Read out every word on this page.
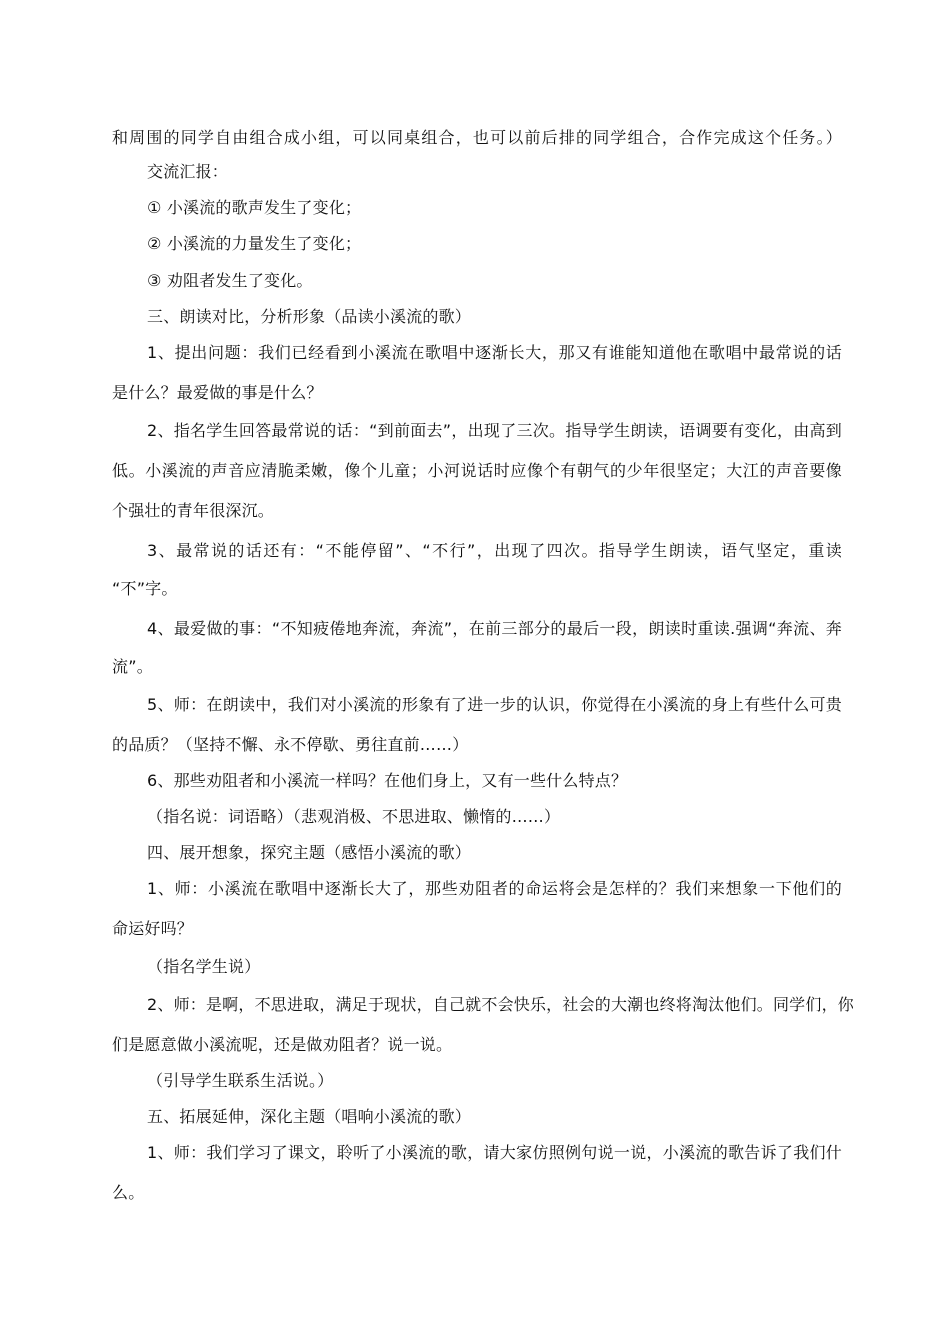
和周围的同学自由组合成小组，可以同桌组合，也可以前后排的同学组合，合作完成这个任务。）
交流汇报：
① 小溪流的歌声发生了变化；
② 小溪流的力量发生了变化；
③ 劝阻者发生了变化。
三、朗读对比，分析形象（品读小溪流的歌）
1、提出问题：我们已经看到小溪流在歌唱中逐渐长大，那又有谁能知道他在歌唱中最常说的话
是什么？最爱做的事是什么？
2、指名学生回答最常说的话：“到前面去”，出现了三次。指导学生朗读，语调要有变化，由高到
低。小溪流的声音应清脆柔嫩，像个儿童；小河说话时应像个有朝气的少年很坚定；大江的声音要像
个强壮的青年很深沉。
3、最常说的话还有：“不能停留”、“不行”，出现了四次。指导学生朗读，语气坚定，重读
“不”字。
4、最爱做的事：“不知疲倦地奔流，奔流”，在前三部分的最后一段，朗读时重读.强调“奔流、奔
流”。
5、师：在朗读中，我们对小溪流的形象有了进一步的认识，你觉得在小溪流的身上有些什么可贵
的品质？（坚持不懈、永不停歇、勇往直前……）
6、那些劝阻者和小溪流一样吗？在他们身上，又有一些什么特点？
（指名说：词语略）（悲观消极、不思进取、懒惰的……）
四、展开想象，探究主题（感悟小溪流的歌）
1、师：小溪流在歌唱中逐渐长大了，那些劝阻者的命运将会是怎样的？我们来想象一下他们的
命运好吗？
（指名学生说）
2、师：是啊，不思进取，满足于现状，自己就不会快乐，社会的大潮也终将淘汰他们。同学们，你
们是愿意做小溪流呢，还是做劝阻者？说一说。
（引导学生联系生活说。）
五、拓展延伸，深化主题（唱响小溪流的歌）
1、师：我们学习了课文，聆听了小溪流的歌，请大家仿照例句说一说，小溪流的歌告诉了我们什
么。
